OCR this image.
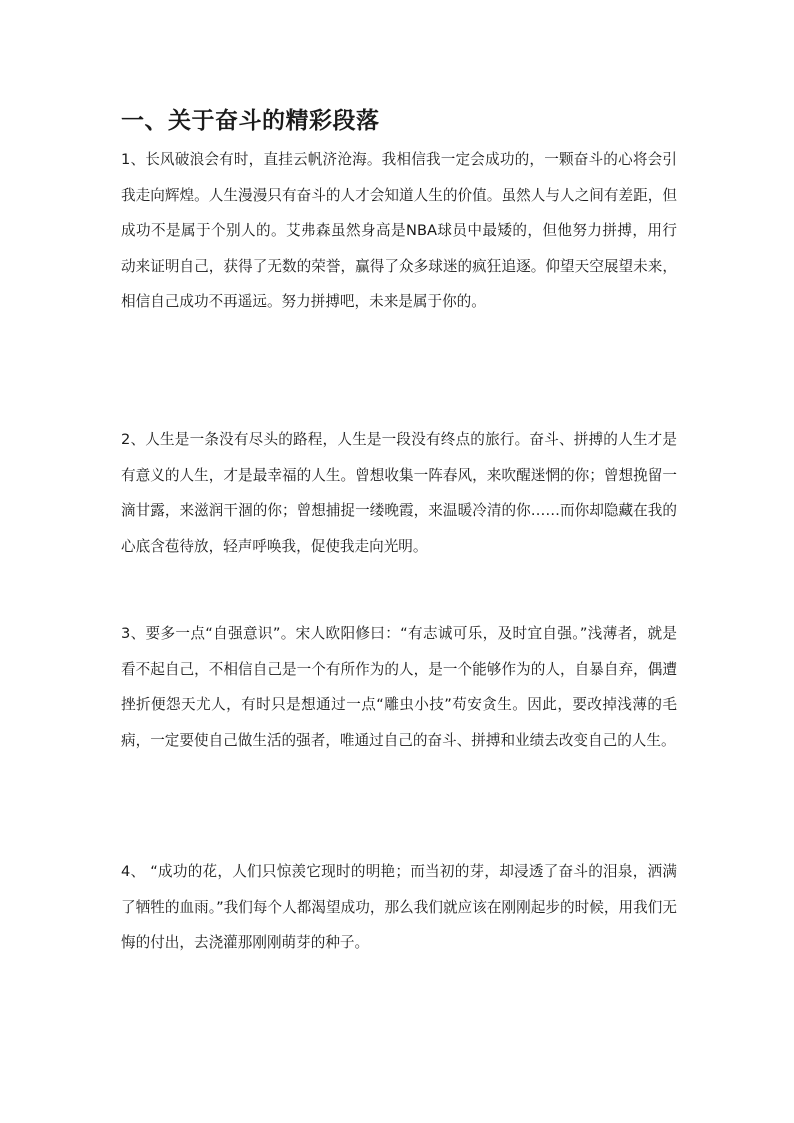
一、关于奋斗的精彩段落

1、长风破浪会有时，直挂云帆济沧海。我相信我一定会成功的，一颗奋斗的心将会引我走向辉煌。人生漫漫只有奋斗的人才会知道人生的价值。虽然人与人之间有差距，但成功不是属于个别人的。艾弗森虽然身高是NBA球员中最矮的，但他努力拼搏，用行动来证明自己，获得了无数的荣誉，赢得了众多球迷的疯狂追逐。仰望天空展望未来，相信自己成功不再遥远。努力拼搏吧，未来是属于你的。

2、人生是一条没有尽头的路程，人生是一段没有终点的旅行。奋斗、拼搏的人生才是有意义的人生，才是最幸福的人生。曾想收集一阵春风，来吹醒迷惘的你；曾想挽留一滴甘露，来滋润干涸的你；曾想捕捉一缕晚霞，来温暖冷清的你……而你却隐藏在我的心底含苞待放，轻声呼唤我，促使我走向光明。

3、要多一点“自强意识”。宋人欧阳修曰：“有志诚可乐，及时宜自强。”浅薄者，就是看不起自己，不相信自己是一个有所作为的人，是一个能够作为的人，自暴自弃，偶遭挫折便怨天尤人，有时只是想通过一点“雕虫小技”苟安贪生。因此，要改掉浅薄的毛病，一定要使自己做生活的强者，唯通过自己的奋斗、拼搏和业绩去改变自己的人生。

4、 “成功的花，人们只惊羡它现时的明艳；而当初的芽，却浸透了奋斗的泪泉，洒满了牺牲的血雨。”我们每个人都渴望成功，那么我们就应该在刚刚起步的时候，用我们无悔的付出，去浇灌那刚刚萌芽的种子。
